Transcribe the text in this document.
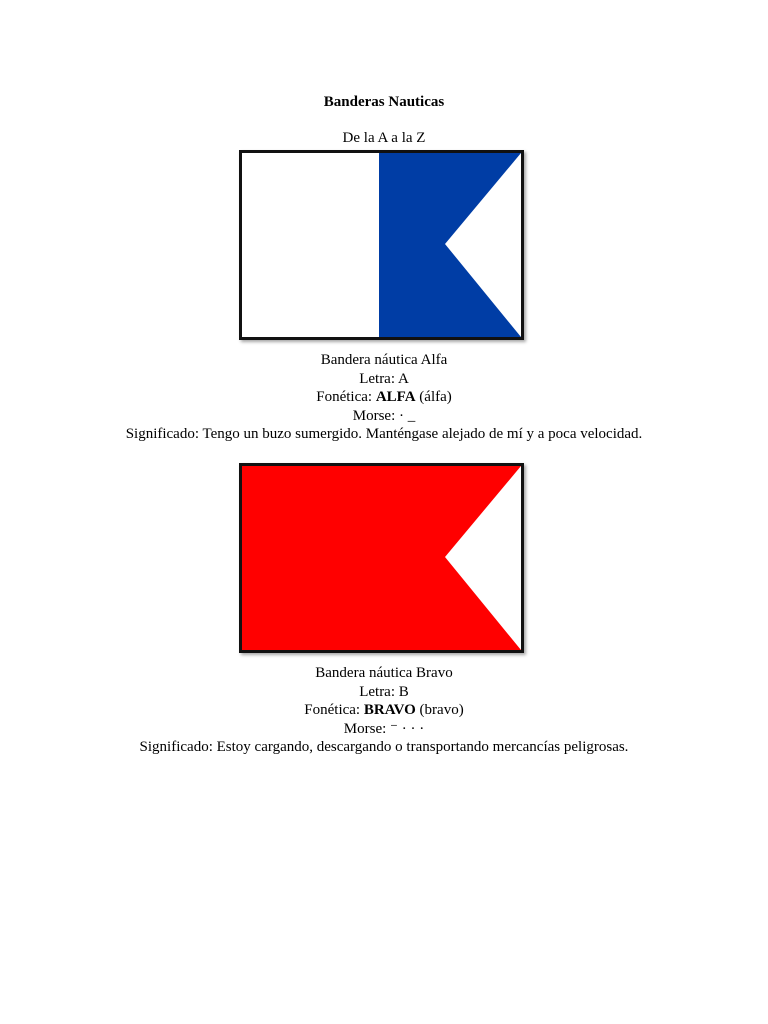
Banderas Nauticas
De la A a la Z
Bandera náutica Alfa
Letra: A
Fonética: ALFA (álfa)
Morse: · _
Significado: Tengo un buzo sumergido. Manténgase alejado de mí y a poca velocidad.
Bandera náutica Bravo
Letra: B
Fonética: BRAVO (bravo)
Morse: ⁻ · · ·
Significado: Estoy cargando, descargando o transportando mercancías peligrosas.
